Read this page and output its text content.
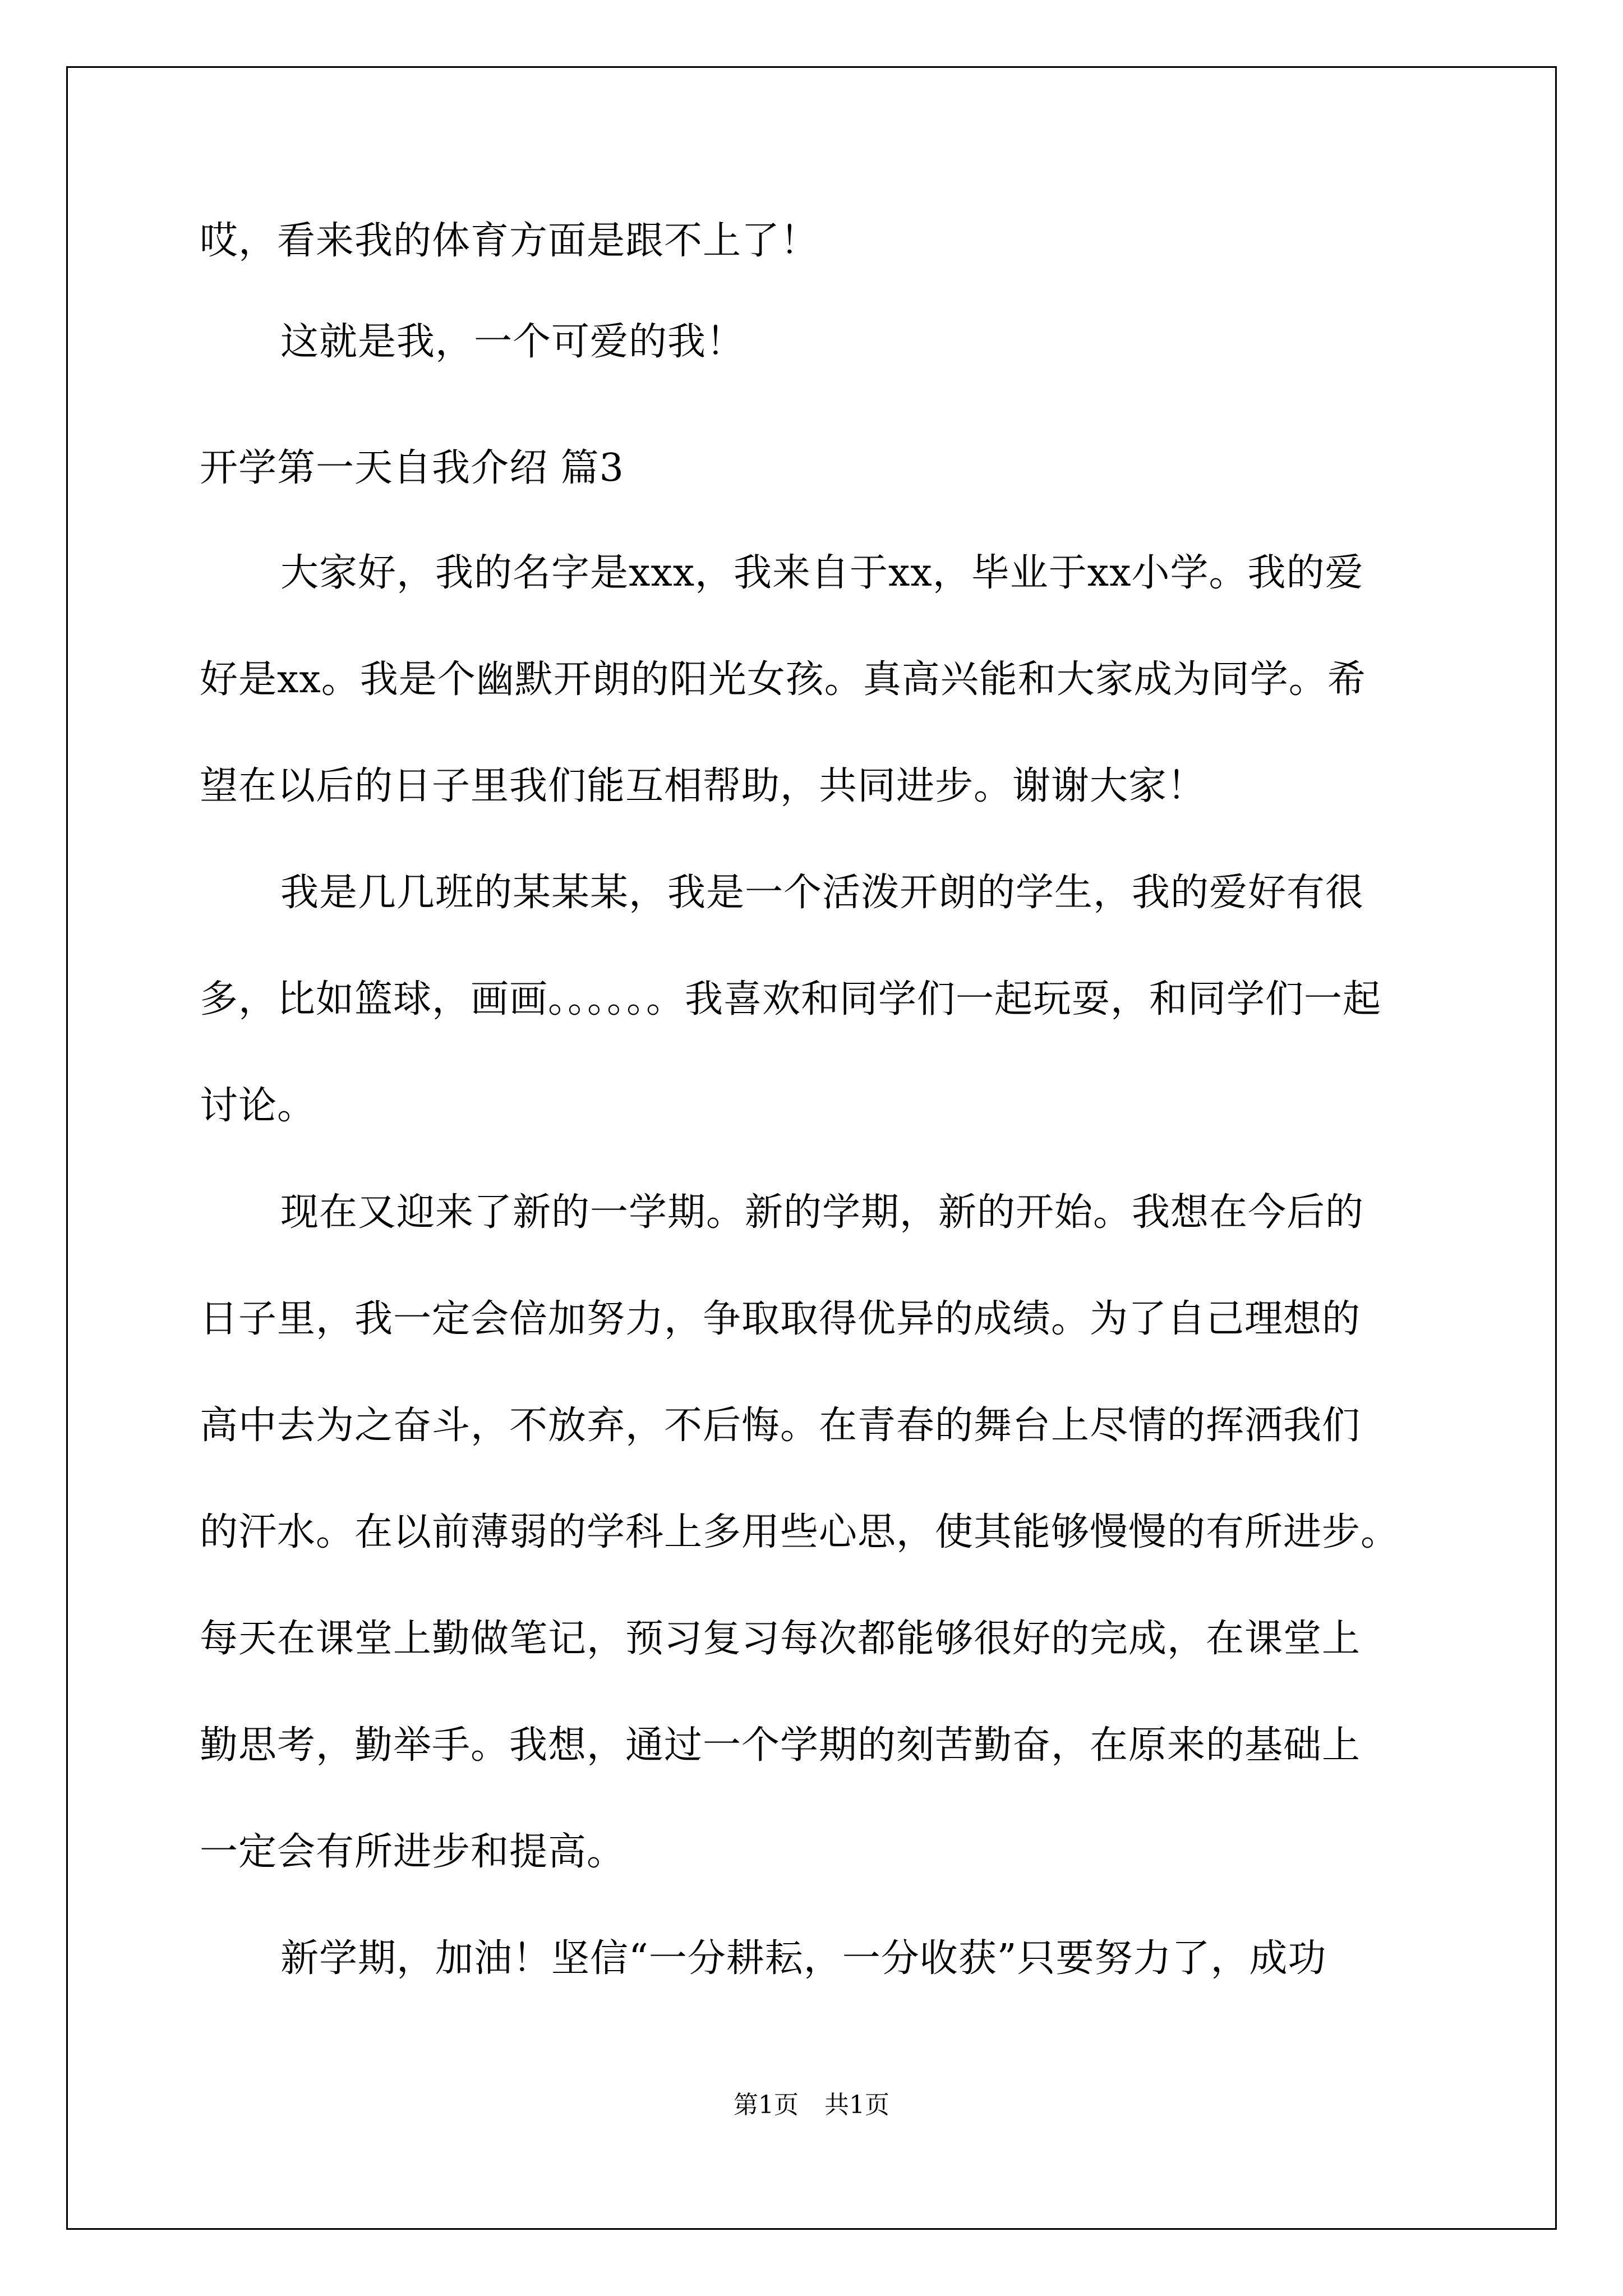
哎，看来我的体育方面是跟不上了！
这就是我，一个可爱的我！
开学第一天自我介绍 篇3
大家好，我的名字是xxx，我来自于xx，毕业于xx小学。我的爱
好是xx。我是个幽默开朗的阳光女孩。真高兴能和大家成为同学。希
望在以后的日子里我们能互相帮助，共同进步。谢谢大家！
我是几几班的某某某，我是一个活泼开朗的学生，我的爱好有很
多，比如篮球，画画。。。。。。我喜欢和同学们一起玩耍，和同学们一起
讨论。
现在又迎来了新的一学期。新的学期，新的开始。我想在今后的
日子里，我一定会倍加努力，争取取得优异的成绩。为了自己理想的
高中去为之奋斗，不放弃，不后悔。在青春的舞台上尽情的挥洒我们
的汗水。在以前薄弱的学科上多用些心思，使其能够慢慢的有所进步。
每天在课堂上勤做笔记，预习复习每次都能够很好的完成，在课堂上
勤思考，勤举手。我想，通过一个学期的刻苦勤奋，在原来的基础上
一定会有所进步和提高。
新学期，加油！坚信“一分耕耘，一分收获”只要努力了，成功
第1页 共1页
